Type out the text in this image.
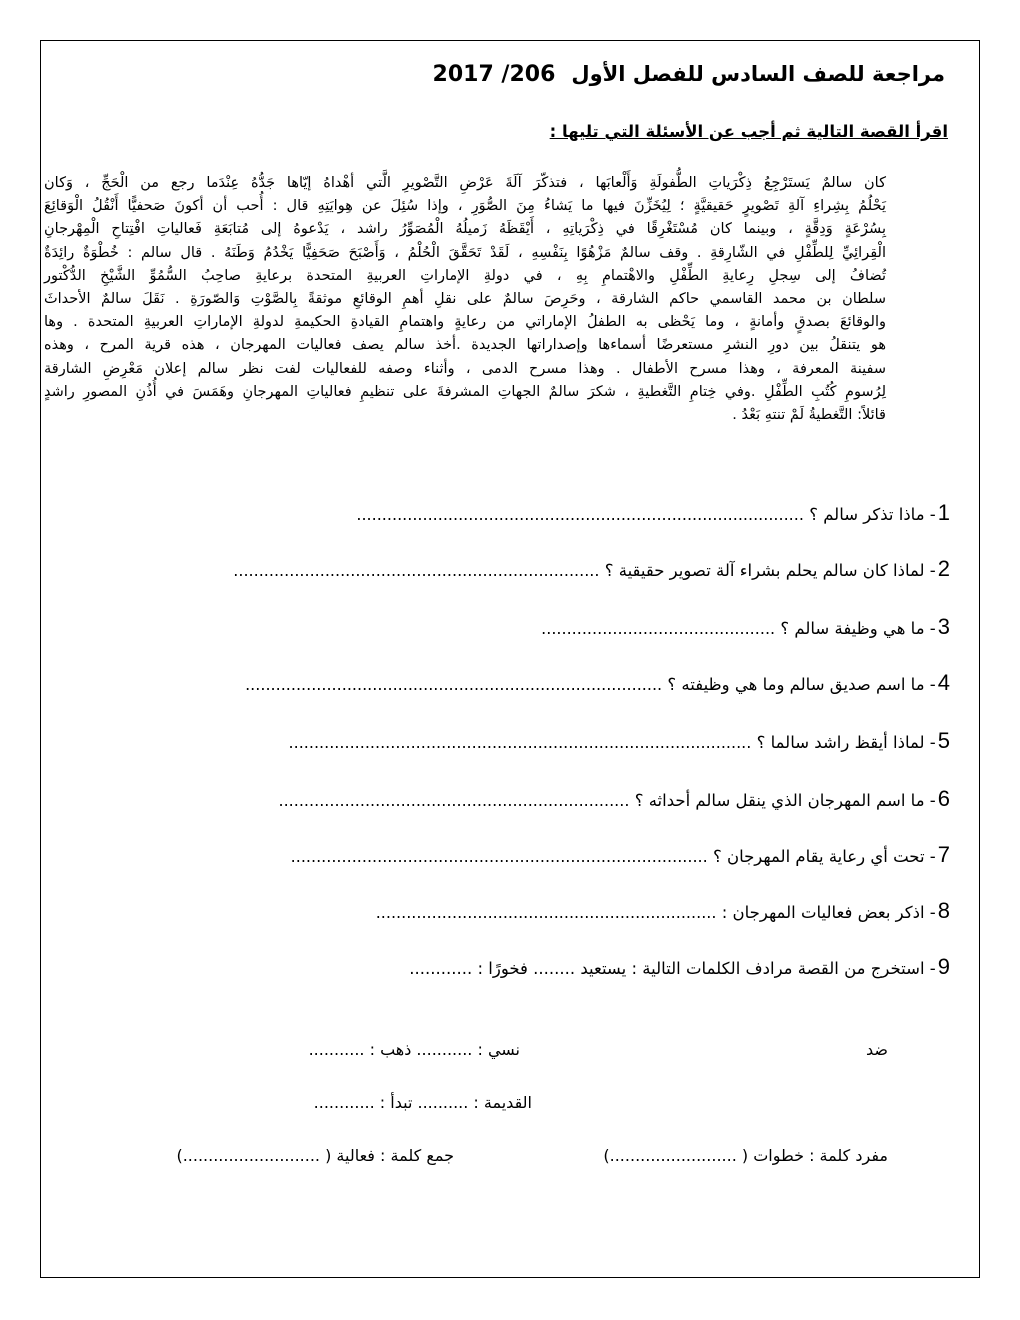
مراجعة للصف السادس للفصل الأول2017 /206
اقرأ القصة التالية ثم أجب عن الأسئلة التي تليها :
كان سالمٌ يَستَرْجِعُ ذِكْرَياتِ الطُّفولَةِ وَأَلْعابَها ، فتذكّرَ آلَةَ عَرْضِ التَّصْويرِ الَّتي أهْداهُ إيّاها جَدُّهُ عِنْدَما رجع من الْحَجِّ ، وَكان
يَحْلُمُ بِشِراءِ آلةِ تَصْويرٍ حَقيقيَّةٍ ؛ لِيُخَزِّنَ فيها ما يَشاءُ مِنَ الصُّوَرِ ، وإذا سُئِلَ عن هِوايَتِهِ قال : أُحب أن أكونَ صَحفيًّا أَنْقُلُ الْوَقائِعَ
بِسُرْعَةٍ وَدِقَّةٍ ، وبينما كان مُسْتَغْرِقًا في ذِكْرَياتِهِ ، أَيْقَظَهُ زَميلُهُ الْمُصَوِّرُ راشد ، يَدْعوهُ إلى مُتابَعَةِ فَعالياتِ افْتِتاحِ الْمِهْرجانِ
الْقِرائِيِّ لِلطِّفْلِ في الشّارِقةِ . وقف سالمٌ مَزْهُوًا بِنَفْسِهِ ، لَقَدْ تَحَقَّقَ الْحُلْمُ ، وَأَصْبَحَ صَحَفِيًّا يَخْدُمُ وَطَنَهُ . قال سالم : خُطْوَةٌ رائِدَةٌ
تُضافُ إلى سِجلِ رِعايةِ الطِّفْلِ والاهْتمامِ بِهِ ، في دولةِ الإماراتِ العربيةِ المتحدة برعايةِ صاحِبُ السُّمُوِّ الشَّيْخِ الدُّكْتور
سلطان بن محمد القاسمي حاكم الشارقة ، وحَرِصَ سالمٌ على نقلِ أهمِ الوقائعِ موثقةً بِالصَّوْتِ وَالصّورَةِ . نَقَلَ سالمٌ الأحداثَ
والوقائعَ بصدقٍ وأمانةٍ ، وما يَحْظى به الطفلُ الإماراتي من رعايةٍ واهتمامِ القيادةِ الحكيمةِ لدولةِ الإماراتِ العربيةِ المتحدة . وها
هو يتنقلُ بين دورِ النشرِ مستعرضًا أسماءها وإصداراتها الجديدة .أخذ سالم يصف فعاليات المهرجان ، هذه قرية المرح ، وهذه
سفينة المعرفة ، وهذا مسرح الأطفال . وهذا مسرح الدمى ، وأثناء وصفه للفعاليات لفت نظر سالم إعلان مَعْرِضِ الشارقة
لِرُسومِ كُتُبِ الطِّفْلِ .وفي خِتامِ التَّغطيةِ ، شكرَ سالمٌ الجهاتِ المشرفةَ على تنظيمِ فعالياتِ المهرجانِ وهَمَسَ في أُذُنِ المصورِ راشدٍ
قائلاً: التَّغطيةُ لَمْ تنتهِ بَعْدُ .
1- ماذا تذكر سالم ؟ ........................................................................................
2- لماذا كان سالم يحلم بشراء آلة تصوير حقيقية ؟ ........................................................................
3- ما هي وظيفة سالم ؟ ..............................................
4- ما اسم صديق سالم وما هي وظيفته ؟ ..................................................................................
5- لماذا أيقظ راشد سالما ؟ ...........................................................................................
6- ما اسم المهرجان الذي ينقل سالم أحداثه ؟ .....................................................................
7- تحت أي رعاية يقام المهرجان ؟ ..................................................................................
8- اذكر بعض فعاليات المهرجان : ...................................................................
9- استخرج من القصة مرادف الكلمات التالية : يستعيد ........ فخورًا : ............
ضد
نسي : ........... ذهب : ...........
القديمة : .......... تبدأ : ............
مفرد كلمة : خطوات ( .........................)
جمع كلمة : فعالية ( ...........................)
